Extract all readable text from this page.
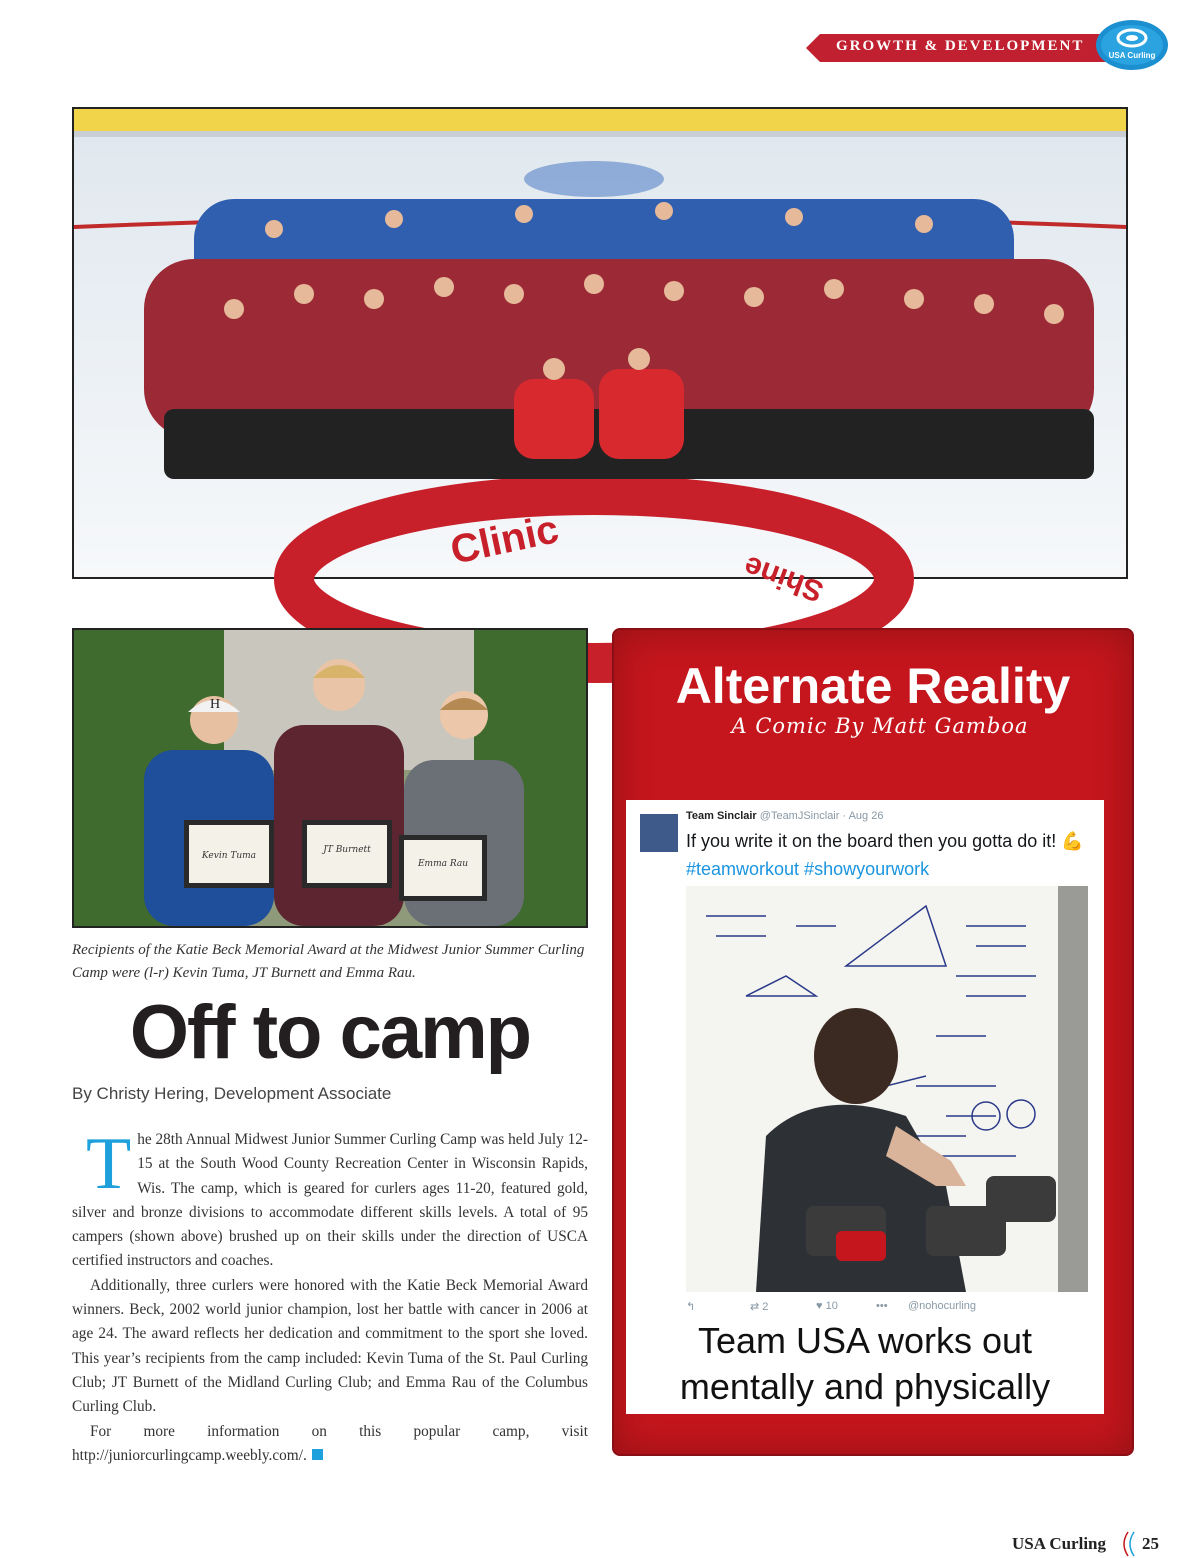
GROWTH & DEVELOPMENT
USA Curling
Clinic
Shine
H
Kevin Tuma
JT Burnett
Emma Rau
Recipients of the Katie Beck Memorial Award at the Midwest Junior Summer Curling Camp were (l-r) Kevin Tuma, JT Burnett and Emma Rau.
Off to camp
By Christy Hering, Development Associate

The 28th Annual Midwest Junior Summer Curling Camp was held July 12-15 at the South Wood County Recreation Center in Wisconsin Rapids, Wis. The camp, which is geared for curlers ages 11-20, featured gold, silver and bronze divisions to accommodate different skills levels. A total of 95 campers (shown above) brushed up on their skills under the direction of USCA certified instructors and coaches.

Additionally, three curlers were honored with the Katie Beck Memorial Award winners. Beck, 2002 world junior champion, lost her battle with cancer in 2006 at age 24. The award reflects her dedication and commitment to the sport she loved. This year’s recipients from the camp included: Kevin Tuma of the St. Paul Curling Club; JT Burnett of the Midland Curling Club; and Emma Rau of the Columbus Curling Club.

For more information on this popular camp, visit http://juniorcurlingcamp.weebly.com/.

Alternate Reality
A Comic By Matt Gamboa
Team Sinclair @TeamJSinclair · Aug 26
If you write it on the board then you gotta do it! 💪 #teamworkout #showyourwork
↰	⇄ 2	♥ 10	••• @nohocurling
Team USA works out mentally and physically
USA Curling 25
